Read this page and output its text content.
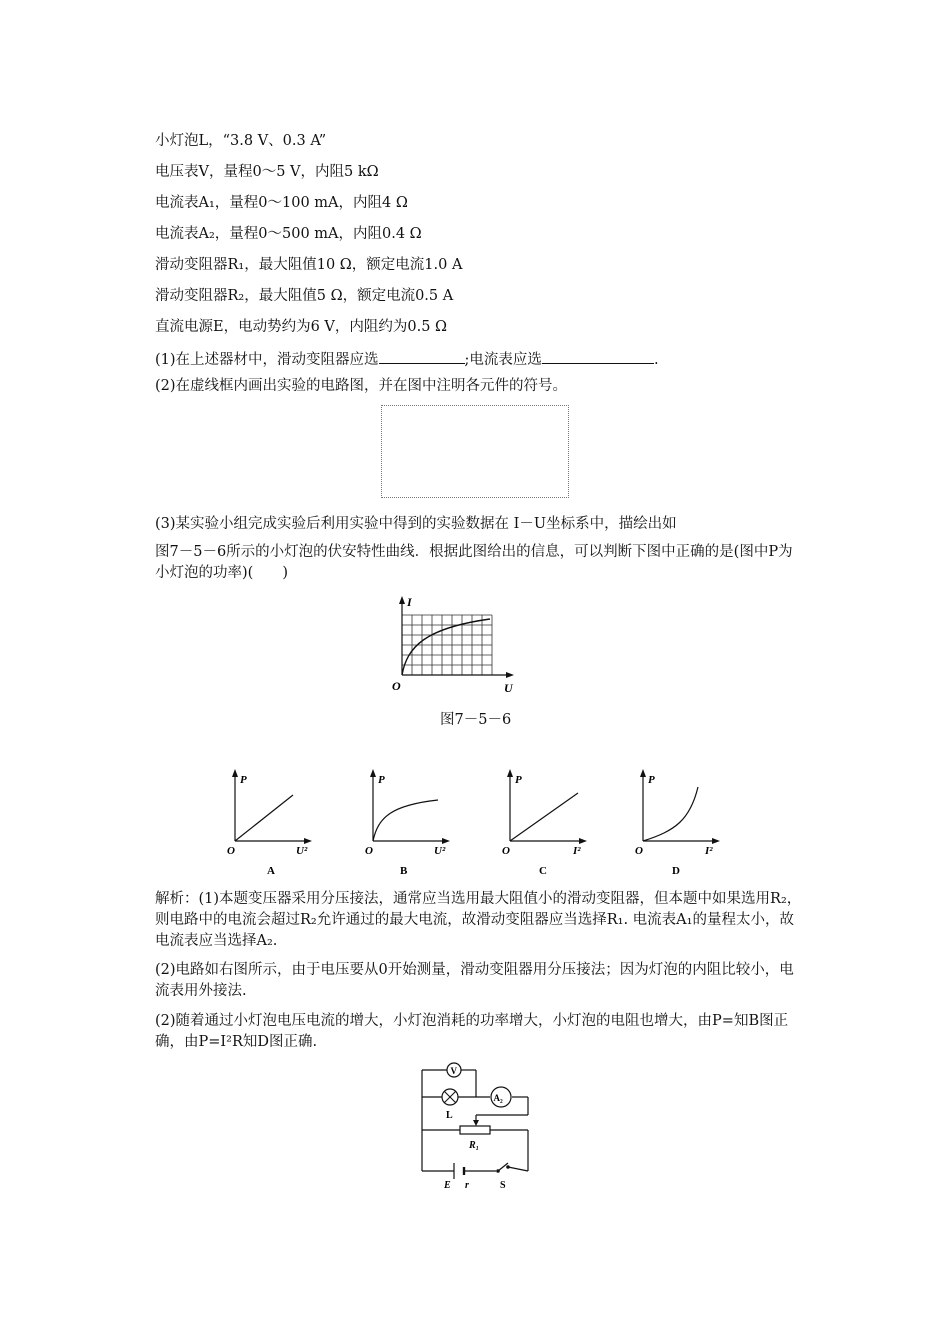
小灯泡L，“3.8 V、0.3 A”
电压表V，量程0～5 V，内阻5 kΩ
电流表A₁，量程0～100 mA，内阻4 Ω
电流表A₂，量程0～500 mA，内阻0.4 Ω
滑动变阻器R₁，最大阻值10 Ω，额定电流1.0 A
滑动变阻器R₂，最大阻值5 Ω，额定电流0.5 A
直流电源E，电动势约为6 V，内阻约为0.5 Ω
(1)在上述器材中，滑动变阻器应选	;电流表应选	.
(2)在虚线框内画出实验的电路图，并在图中注明各元件的符号。
(3)某实验小组完成实验后利用实验中得到的实验数据在 I－U坐标系中，描绘出如
图7－5－6所示的小灯泡的伏安特性曲线．根据此图给出的信息，可以判断下图中正确的是(图中P为小灯泡的功率)(　　)
O
I
U
图7－5－6
P
O	U²
A
P
O	U²
B
P
O	I²
C
P
O	I²
D
解析：(1)本题变压器采用分压接法，通常应当选用最大阻值小的滑动变阻器，但本题中如果选用R₂，则电路中的电流会超过R₂允许通过的最大电流，故滑动变阻器应当选择R₁. 电流表A₁的量程太小，故电流表应当选择A₂.
(2)电路如右图所示，由于电压要从0开始测量，滑动变阻器用分压接法；因为灯泡的内阻比较小，电流表用外接法.
(2)随着通过小灯泡电压电流的增大，小灯泡消耗的功率增大，小灯泡的电阻也增大，由P=知B图正确，由P=I²R知D图正确.
V
L
A₂
R₁
E r	S
